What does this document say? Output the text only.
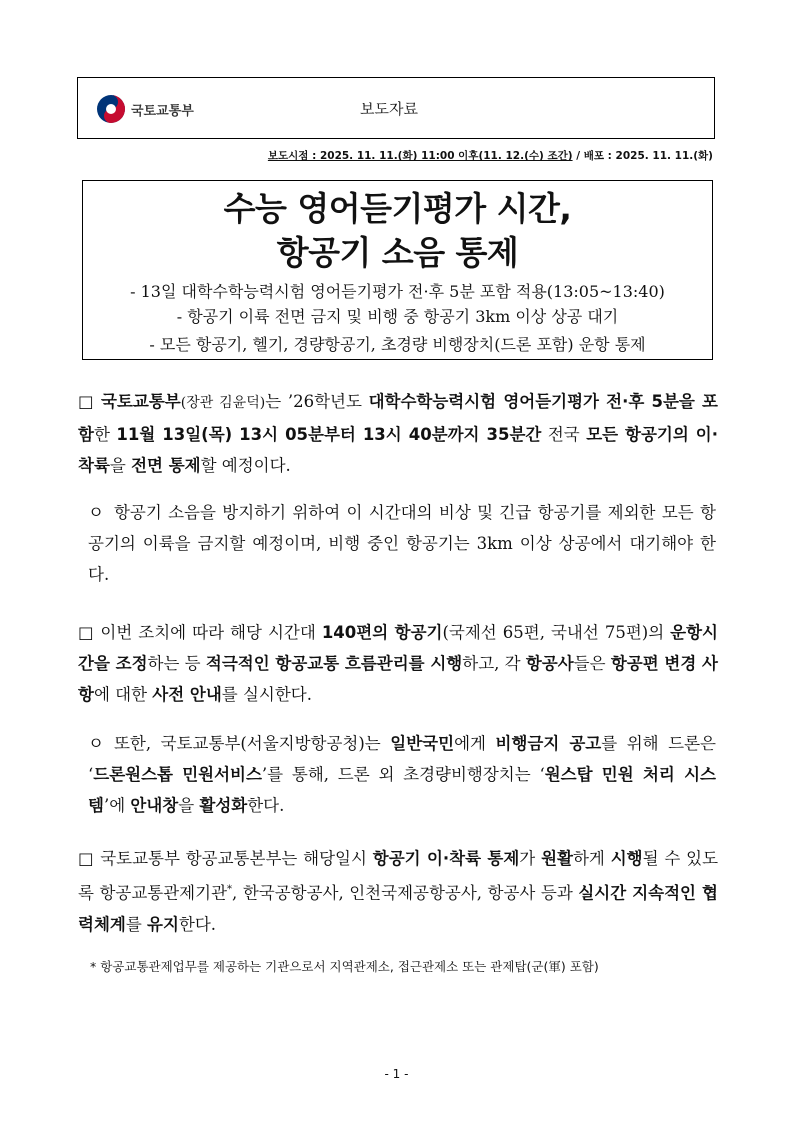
국토교통부	보도자료
보도시점 : 2025. 11. 11.(화) 11:00 이후(11. 12.(수) 조간) / 배포 : 2025. 11. 11.(화)
수능 영어듣기평가 시간,
항공기 소음 통제
- 13일 대학수학능력시험 영어듣기평가 전·후 5분 포함 적용(13:05~13:40)
- 항공기 이륙 전면 금지 및 비행 중 항공기 3km 이상 상공 대기
- 모든 항공기, 헬기, 경량항공기, 초경량 비행장치(드론 포함) 운항 통제
□ 국토교통부(장관 김윤덕)는 ’26학년도 대학수학능력시험 영어듣기평가 전·후 5분을 포함한 11월 13일(목) 13시 05분부터 13시 40분까지 35분간 전국 모든 항공기의 이·착륙을 전면 통제할 예정이다.
ㅇ 항공기 소음을 방지하기 위하여 이 시간대의 비상 및 긴급 항공기를 제외한 모든 항공기의 이륙을 금지할 예정이며, 비행 중인 항공기는 3km 이상 상공에서 대기해야 한다.
□ 이번 조치에 따라 해당 시간대 140편의 항공기(국제선 65편, 국내선 75편)의 운항시간을 조정하는 등 적극적인 항공교통 흐름관리를 시행하고, 각 항공사들은 항공편 변경 사항에 대한 사전 안내를 실시한다.
ㅇ 또한, 국토교통부(서울지방항공청)는 일반국민에게 비행금지 공고를 위해 드론은 ‘드론원스톱 민원서비스’를 통해, 드론 외 초경량비행장치는 ‘원스탑 민원 처리 시스템’에 안내창을 활성화한다.
□ 국토교통부 항공교통본부는 해당일시 항공기 이·착륙 통제가 원활하게 시행될 수 있도록 항공교통관제기관*, 한국공항공사, 인천국제공항공사, 항공사 등과 실시간 지속적인 협력체계를 유지한다.
* 항공교통관제업무를 제공하는 기관으로서 지역관제소, 접근관제소 또는 관제탑(군(軍) 포함)
- 1 -
